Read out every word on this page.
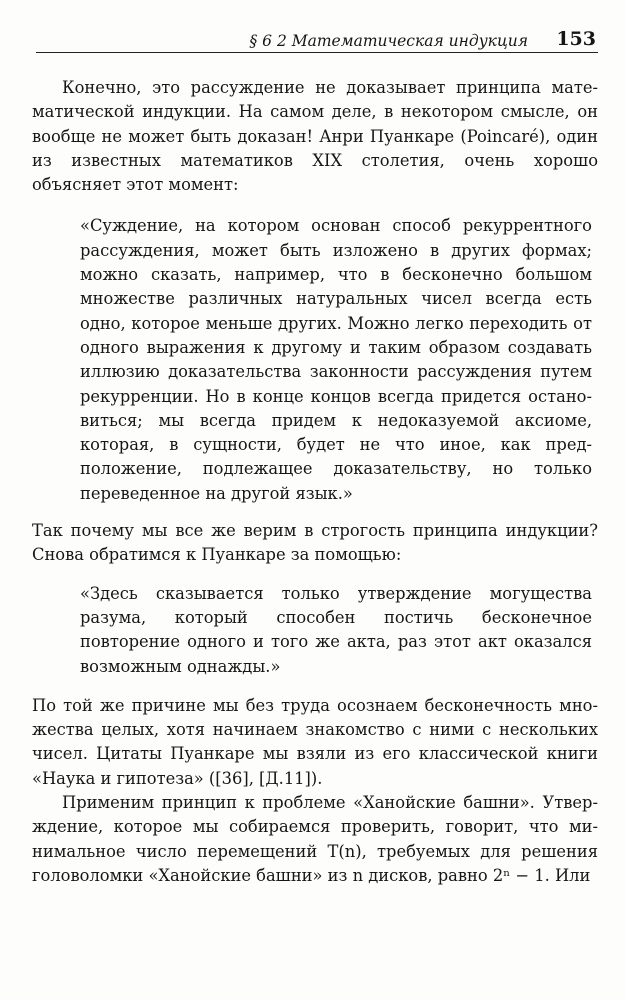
§ 6 2 Математическая индукция 153

Конечно, это рассуждение не доказывает принципа математической индукции. На самом деле, в некотором смысле, он вообще не может быть доказан! Анри Пуанкаре (Poincaré), один из известных математиков XIX столетия, очень хорошо объясняет этот момент:

«Суждение, на котором основан способ рекуррентного рассуждения, может быть изложено в других формах; можно сказать, например, что в бесконечно большом множестве различных натуральных чисел всегда есть одно, которое меньше других. Можно легко переходить от одного выражения к другому и таким образом создавать иллюзию доказательства законности рассуждения путем рекурренции. Но в конце концов всегда придется остановиться; мы всегда придем к недоказуемой аксиоме, которая, в сущности, будет не что иное, как предположение, подлежащее доказательству, но только переведенное на другой язык.»

Так почему мы все же верим в строгость принципа индукции? Снова обратимся к Пуанкаре за помощью:

«Здесь сказывается только утверждение могущества разума, который способен постичь бесконечное повторение одного и того же акта, раз этот акт оказался возможным однажды.»

По той же причине мы без труда осознаем бесконечность множества целых, хотя начинаем знакомство с ними с нескольких чисел. Цитаты Пуанкаре мы взяли из его классической книги «Наука и гипотеза» ([36], [Д.11]).

Применим принцип к проблеме «Ханойские башни». Утверждение, которое мы собираемся проверить, говорит, что минимальное число перемещений T(n), требуемых для решения головоломки «Ханойские башни» из n дисков, равно 2ⁿ − 1. Или
